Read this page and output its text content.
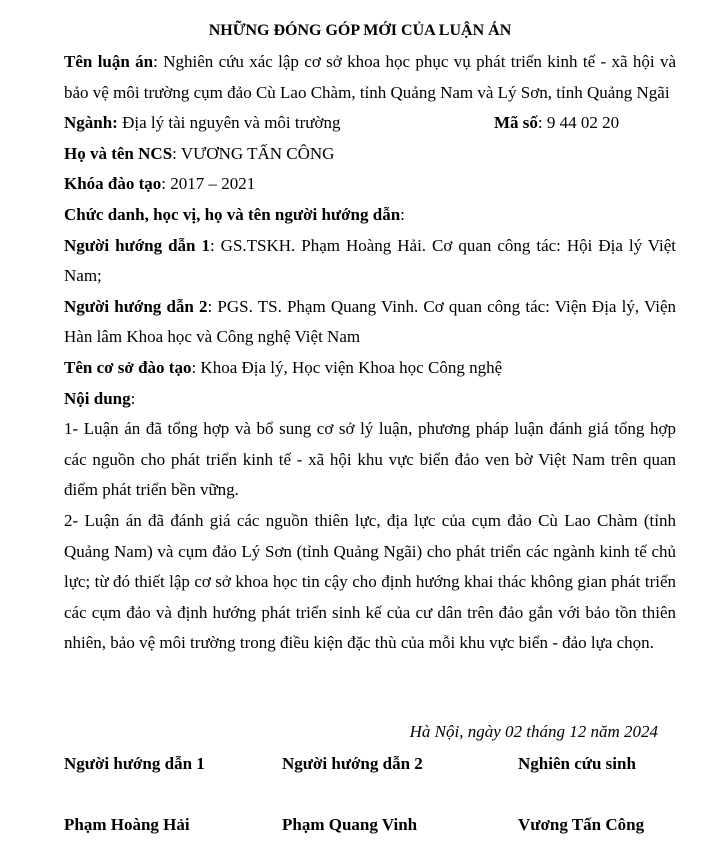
NHỮNG ĐÓNG GÓP MỚI CỦA LUẬN ÁN

Tên luận án: Nghiên cứu xác lập cơ sở khoa học phục vụ phát triển kinh tế - xã hội và bảo vệ môi trường cụm đảo Cù Lao Chàm, tỉnh Quảng Nam và Lý Sơn, tỉnh Quảng Ngãi

Ngành: Địa lý tài nguyên và môi trường	Mã số: 9 44 02 20

Họ và tên NCS: VƯƠNG TẤN CÔNG

Khóa đào tạo: 2017 – 2021

Chức danh, học vị, họ và tên người hướng dẫn:

Người hướng dẫn 1: GS.TSKH. Phạm Hoàng Hải. Cơ quan công tác: Hội Địa lý Việt Nam;

Người hướng dẫn 2: PGS. TS. Phạm Quang Vinh. Cơ quan công tác: Viện Địa lý, Viện Hàn lâm Khoa học và Công nghệ Việt Nam

Tên cơ sở đào tạo: Khoa Địa lý, Học viện Khoa học Công nghệ

Nội dung:

1- Luận án đã tổng hợp và bổ sung cơ sở lý luận, phương pháp luận đánh giá tổng hợp các nguồn cho phát triển kinh tế - xã hội khu vực biển đảo ven bờ Việt Nam trên quan điểm phát triển bền vững.

2- Luận án đã đánh giá các nguồn thiên lực, địa lực của cụm đảo Cù Lao Chàm (tỉnh Quảng Nam) và cụm đảo Lý Sơn (tỉnh Quảng Ngãi) cho phát triển các ngành kinh tế chủ lực; từ đó thiết lập cơ sở khoa học tin cậy cho định hướng khai thác không gian phát triển các cụm đảo và định hướng phát triển sinh kế của cư dân trên đảo gắn với bảo tồn thiên nhiên, bảo vệ môi trường trong điều kiện đặc thù của mỗi khu vực biển - đảo lựa chọn.

Hà Nội, ngày 02 tháng 12 năm 2024
Người hướng dẫn 1	Người hướng dẫn 2	Nghiên cứu sinh
Phạm Hoàng Hải	Phạm Quang Vinh	Vương Tấn Công
